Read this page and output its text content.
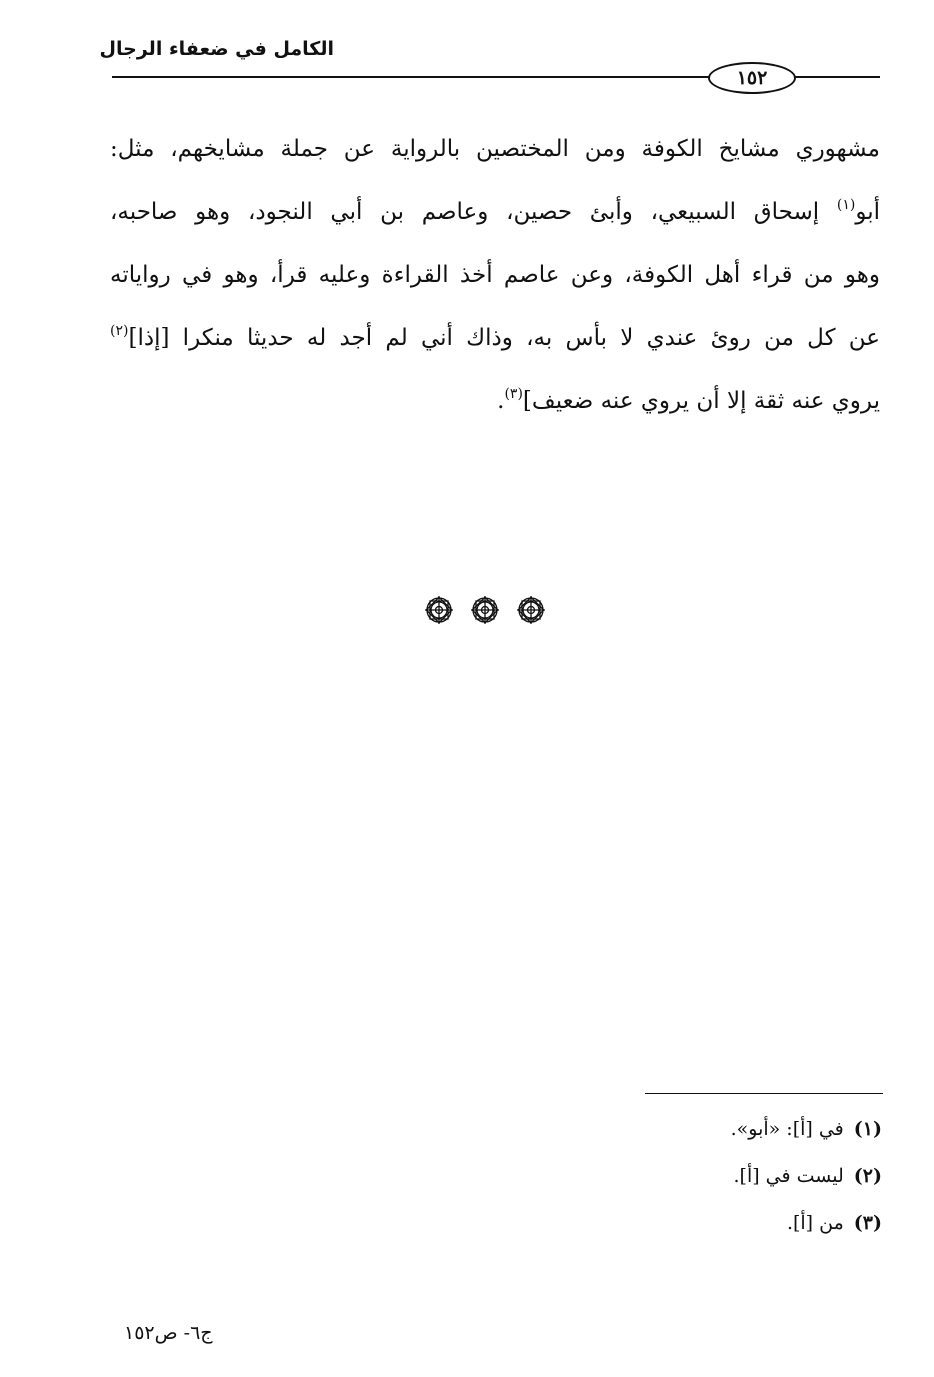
الكامل في ضعفاء الرجال
١٥٢
مشهوري مشايخ الكوفة ومن المختصين بالرواية عن جملة مشايخهم، مثل:
أبو$^{(١)}$ إسحاق السبيعي، وأبئ حصين، وعاصم بن أبي النجود، وهو صاحبه،
وهو من قراء أهل الكوفة، وعن عاصم أخذ القراءة وعليه قرأ، وهو في رواياته
عن كل من روئ عندي لا بأس به، وذاك أني لم أجد له حديثا منكرا [إذا]$^{(٢)}$
يروي عنه ثقة إلا أن يروي عنه ضعيف]$^{(٣)}$.
(١)في [أ]: «أبو».
(٢)ليست في [أ].
(٣)من [أ].
ج٦- ص١٥٢
